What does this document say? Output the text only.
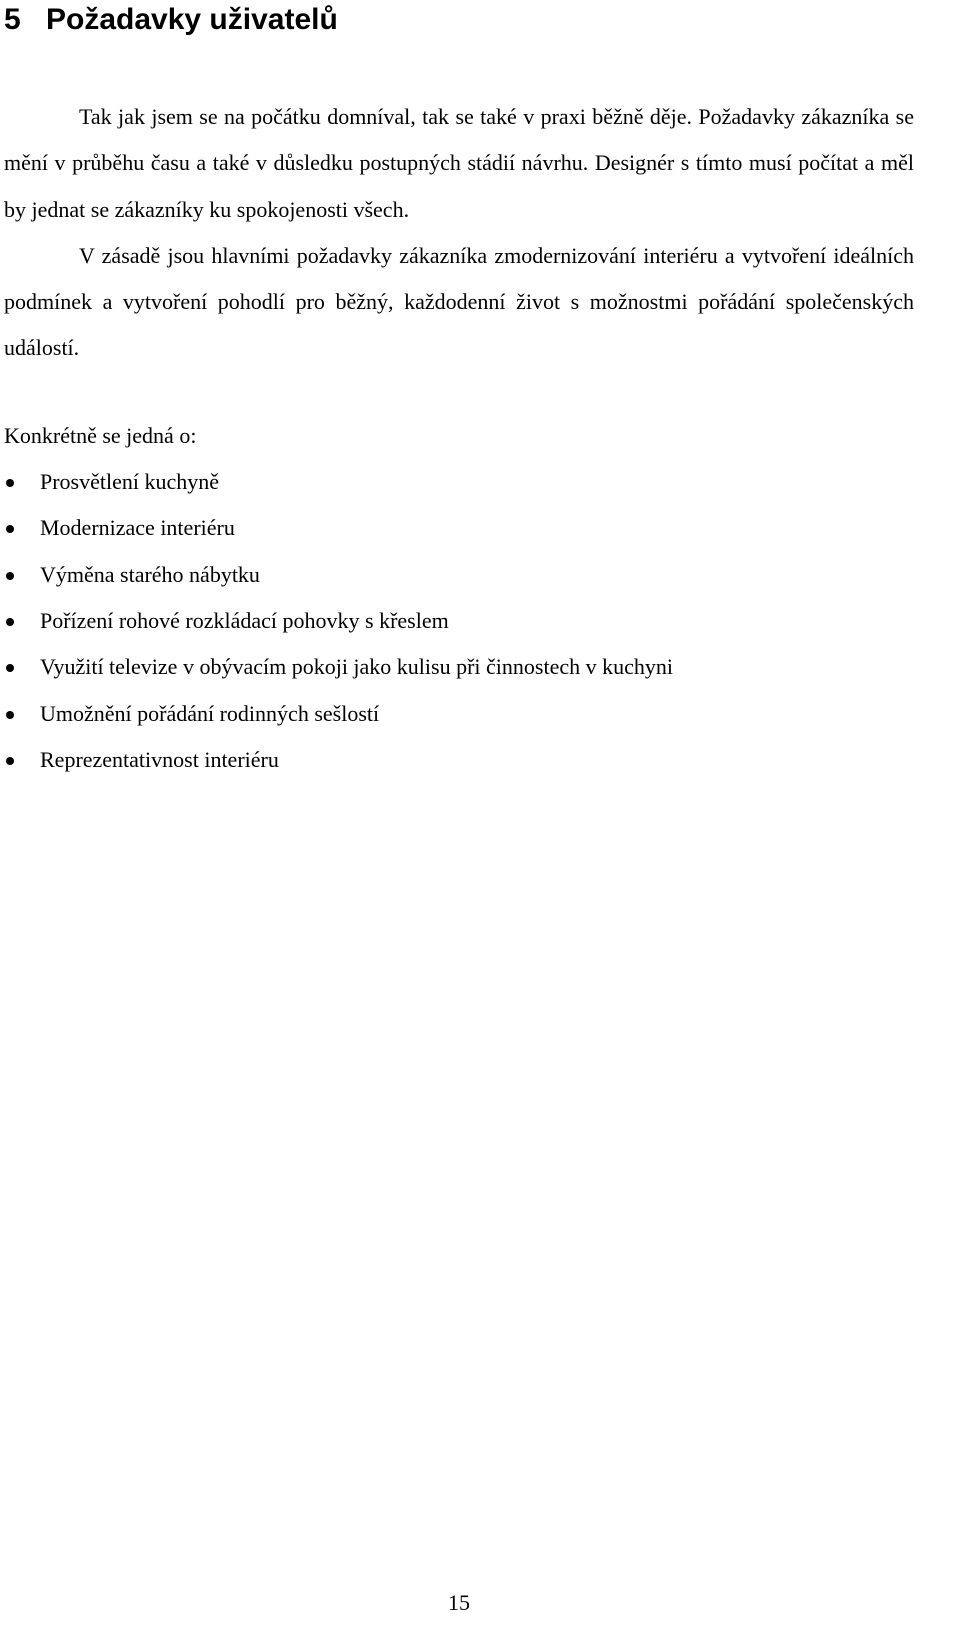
5 Požadavky uživatelů

Tak jak jsem se na počátku domníval, tak se také v praxi běžně děje. Požadavky zákazníka se mění v průběhu času a také v důsledku postupných stádií návrhu. Designér s tímto musí počítat a měl by jednat se zákazníky ku spokojenosti všech.

V zásadě jsou hlavními požadavky zákazníka zmodernizování interiéru a vytvoření ideálních podmínek a vytvoření pohodlí pro běžný, každodenní život s možnostmi pořádání společenských událostí.

Konkrétně se jedná o:

Prosvětlení kuchyně
Modernizace interiéru
Výměna starého nábytku
Pořízení rohové rozkládací pohovky s křeslem
Využití televize v obývacím pokoji jako kulisu při činnostech v kuchyni
Umožnění pořádání rodinných sešlostí
Reprezentativnost interiéru
15
